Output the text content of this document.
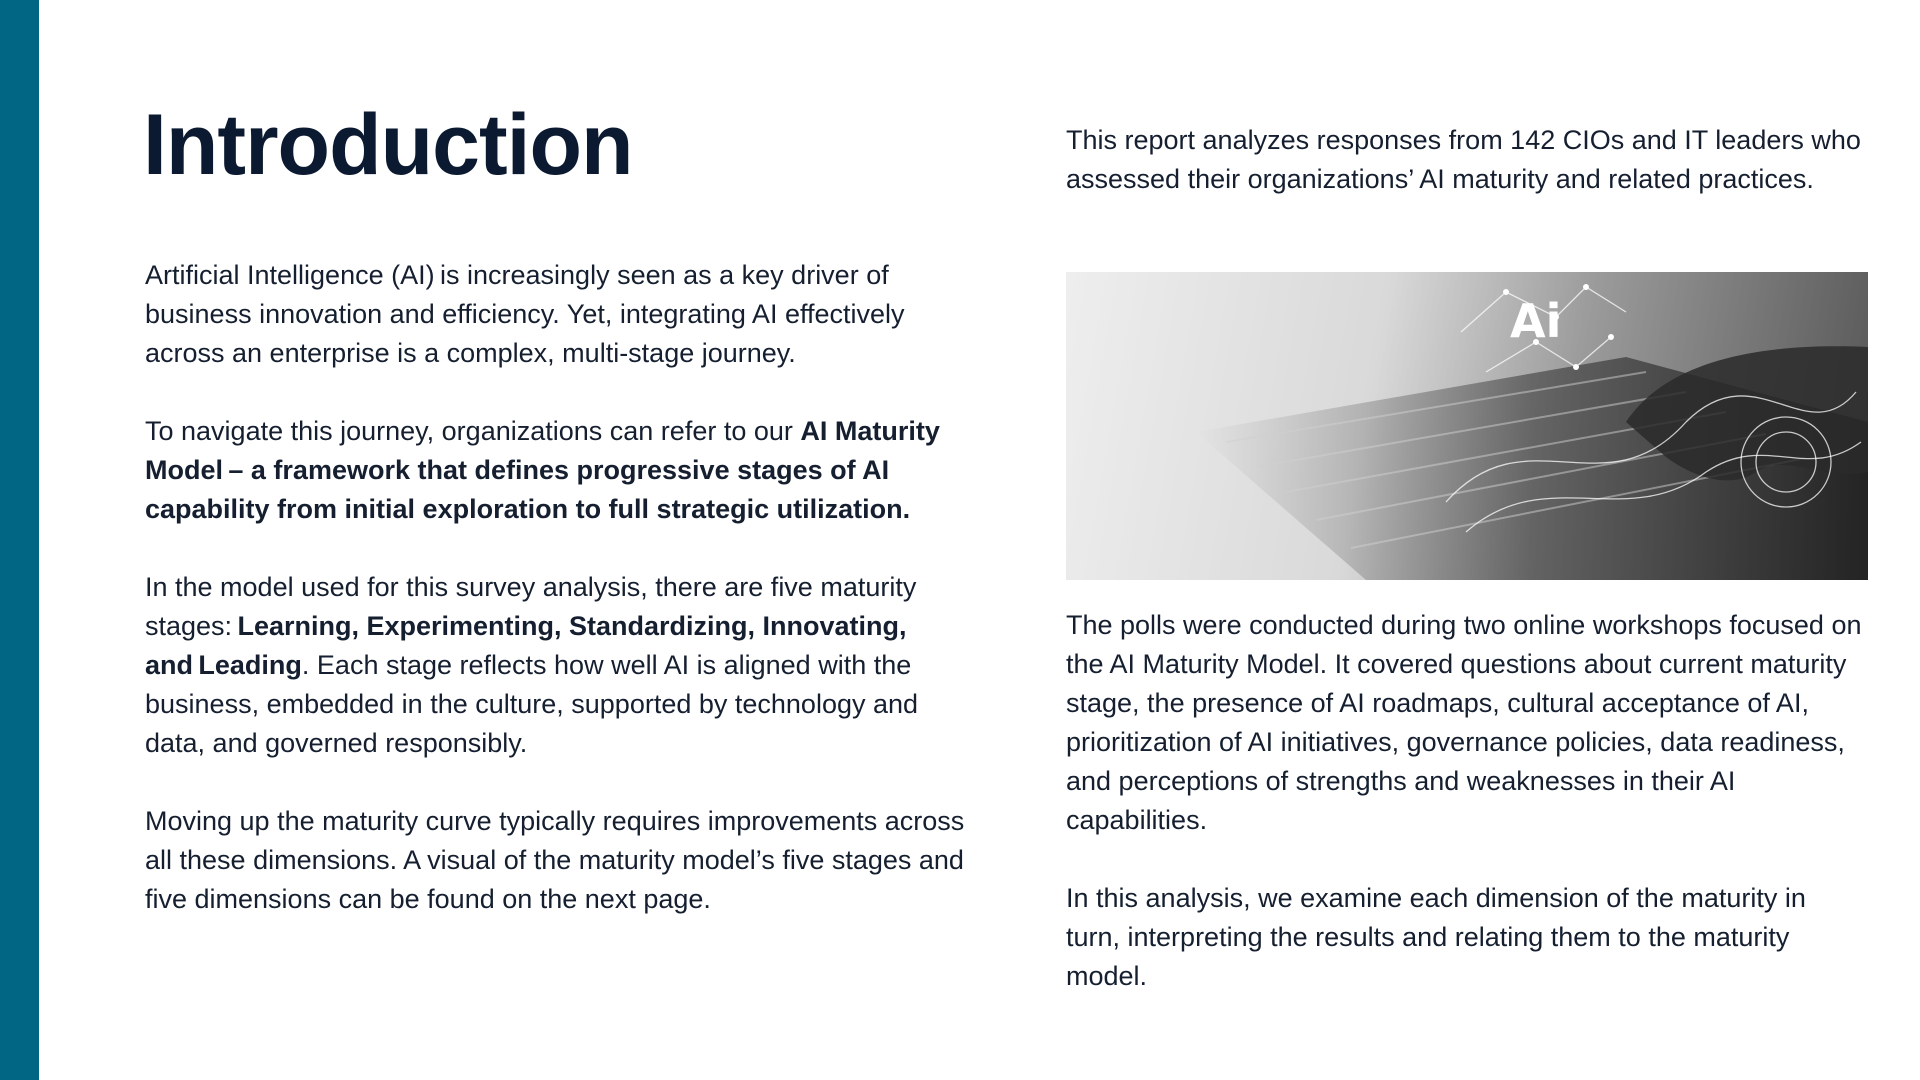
Introduction

Artificial Intelligence (AI) is increasingly seen as a key driver of business innovation and efficiency. Yet, integrating AI effectively across an enterprise is a complex, multi-stage journey.

To navigate this journey, organizations can refer to our AI Maturity Model – a framework that defines progressive stages of AI capability from initial exploration to full strategic utilization.

In the model used for this survey analysis, there are five maturity stages: Learning, Experimenting, Standardizing, Innovating, and Leading. Each stage reflects how well AI is aligned with the business, embedded in the culture, supported by technology and data, and governed responsibly.

Moving up the maturity curve typically requires improvements across all these dimensions. A visual of the maturity model’s five stages and five dimensions can be found on the next page.

This report analyzes responses from 142 CIOs and IT leaders who assessed their organizations’ AI maturity and related practices.

Ai

The polls were conducted during two online workshops focused on the AI Maturity Model. It covered questions about current maturity stage, the presence of AI roadmaps, cultural acceptance of AI, prioritization of AI initiatives, governance policies, data readiness, and perceptions of strengths and weaknesses in their AI capabilities.

In this analysis, we examine each dimension of the maturity in turn, interpreting the results and relating them to the maturity model.
